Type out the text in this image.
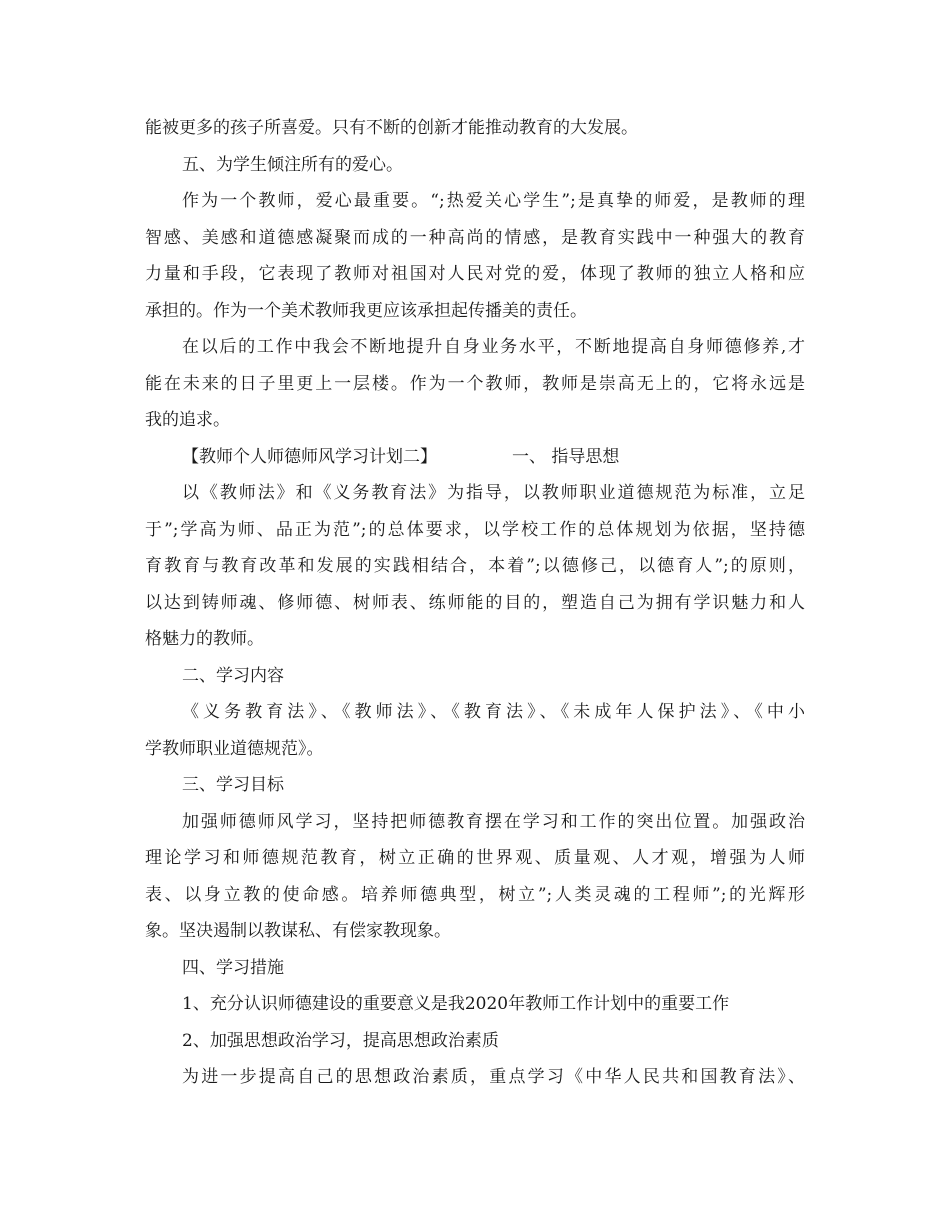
能被更多的孩子所喜爱。只有不断的创新才能推动教育的大发展。
五、为学生倾注所有的爱心。
作为一个教师，爱心最重要。“;热爱关心学生”;是真挚的师爱，是教师的理
智感、美感和道德感凝聚而成的一种高尚的情感，是教育实践中一种强大的教育
力量和手段，它表现了教师对祖国对人民对党的爱，体现了教师的独立人格和应
承担的。作为一个美术教师我更应该承担起传播美的责任。
在以后的工作中我会不断地提升自身业务水平，不断地提高自身师德修养,才
能在未来的日子里更上一层楼。作为一个教师，教师是崇高无上的，它将永远是
我的追求。
【教师个人师德师风学习计划二】	一、 指导思想
以《教师法》和《义务教育法》为指导，以教师职业道德规范为标准，立足
于”;学高为师、品正为范”;的总体要求，以学校工作的总体规划为依据，坚持德
育教育与教育改革和发展的实践相结合，本着”;以德修己，以德育人”;的原则，
以达到铸师魂、修师德、树师表、练师能的目的，塑造自己为拥有学识魅力和人
格魅力的教师。
二、学习内容
《义务教育法》、《教师法》、《教育法》、《未成年人保护法》、《中小
学教师职业道德规范》。
三、学习目标
加强师德师风学习，坚持把师德教育摆在学习和工作的突出位置。加强政治
理论学习和师德规范教育，树立正确的世界观、质量观、人才观，增强为人师
表、以身立教的使命感。培养师德典型，树立”;人类灵魂的工程师”;的光辉形
象。坚决遏制以教谋私、有偿家教现象。
四、学习措施
1、充分认识师德建设的重要意义是我2020年教师工作计划中的重要工作
2、加强思想政治学习，提高思想政治素质
为进一步提高自己的思想政治素质，重点学习《中华人民共和国教育法》、
